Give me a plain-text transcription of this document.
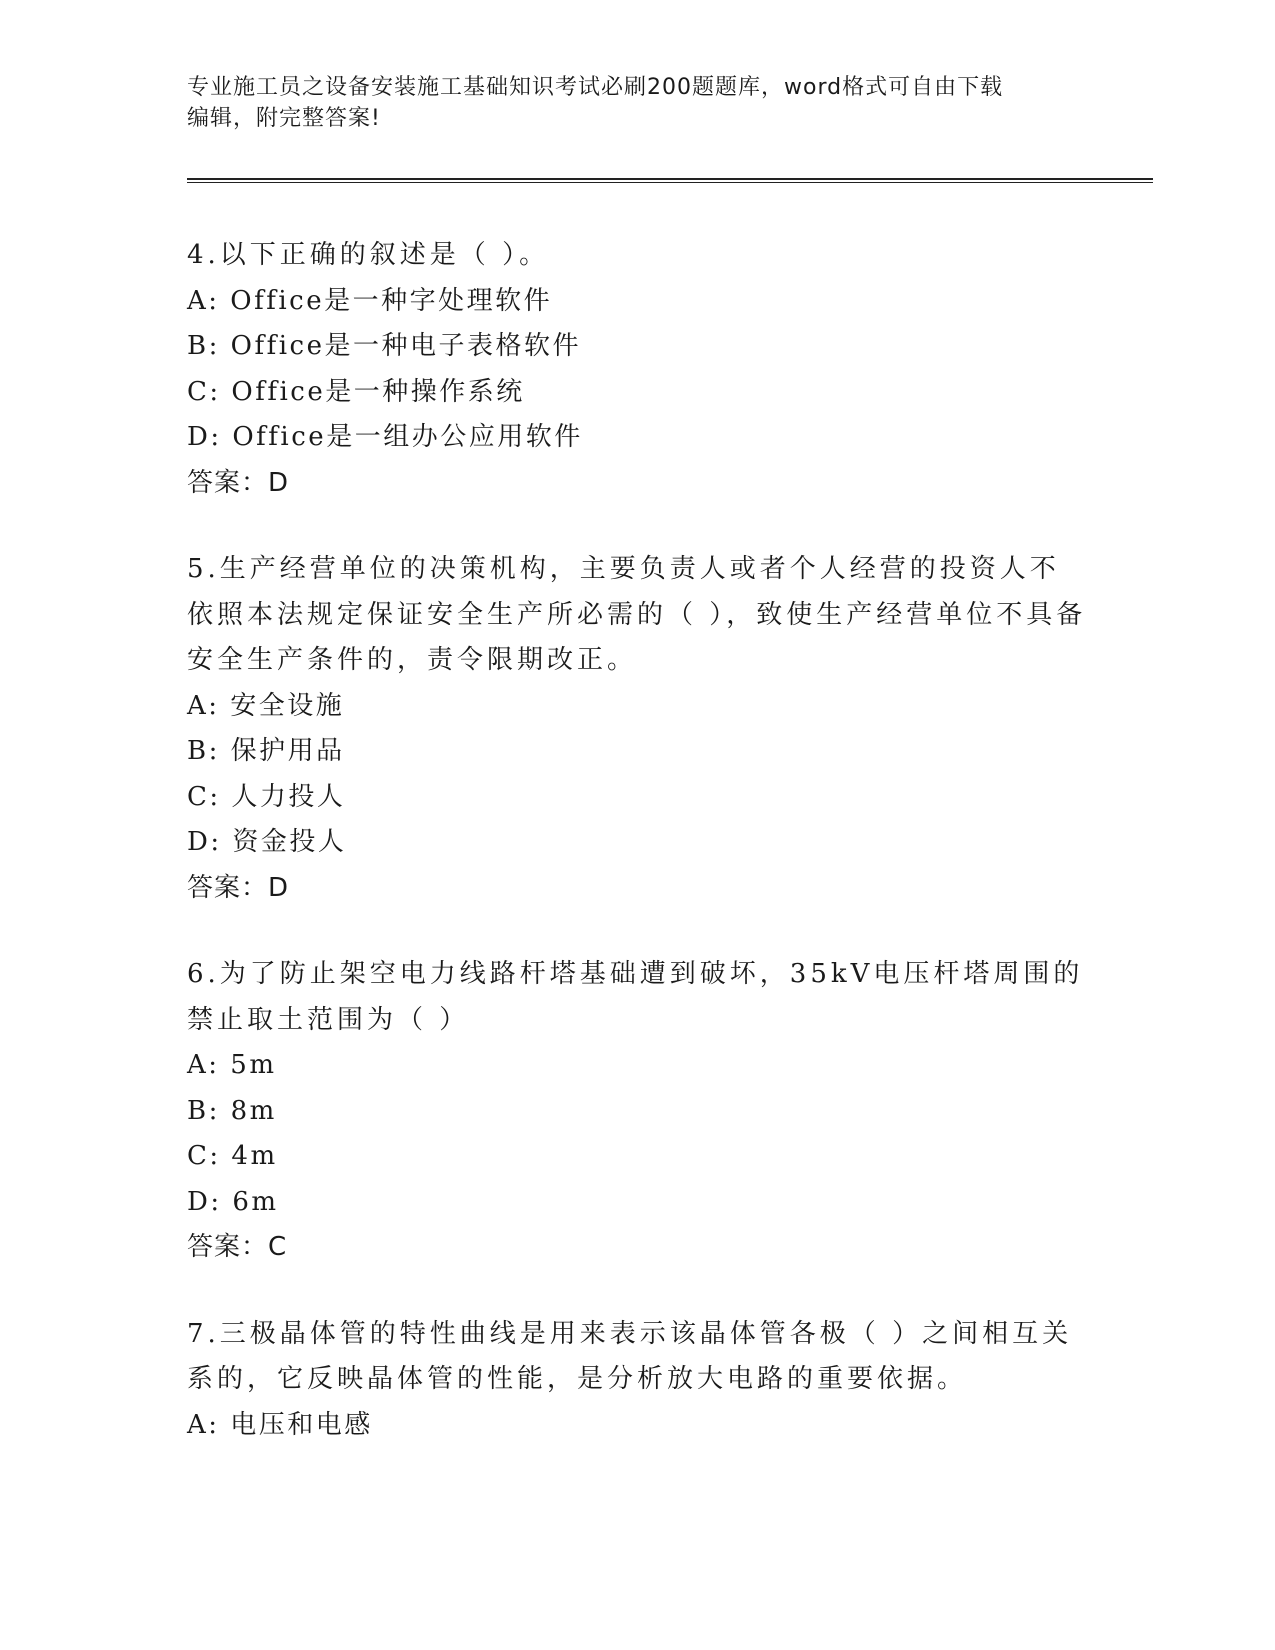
专业施工员之设备安装施工基础知识考试必刷200题题库，word格式可自由下载
编辑，附完整答案!

4.以下正确的叙述是（ ）。

A: Office是一种字处理软件

B: Office是一种电子表格软件

C: Office是一种操作系统

D: Office是一组办公应用软件

答案：D

5.生产经营单位的决策机构，主要负责人或者个人经营的投资人不依照本法规定保证安全生产所必需的（ ），致使生产经营单位不具备安全生产条件的，责令限期改正。

A: 安全设施

B: 保护用品

C: 人力投人

D: 资金投人

答案：D

6.为了防止架空电力线路杆塔基础遭到破坏，35kV电压杆塔周围的禁止取土范围为（ ）

A: 5m

B: 8m

C: 4m

D: 6m

答案：C

7.三极晶体管的特性曲线是用来表示该晶体管各极（ ）之间相互关系的，它反映晶体管的性能，是分析放大电路的重要依据。

A: 电压和电感
